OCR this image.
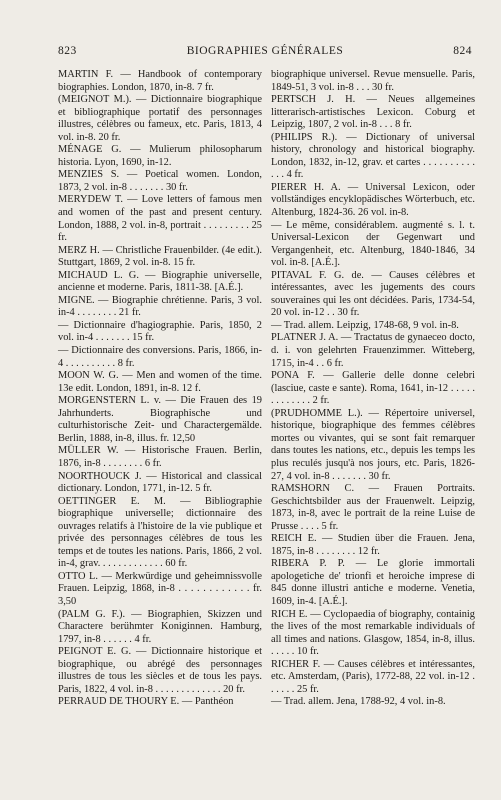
823	BIOGRAPHIES GÉNÉRALES	824

MARTIN F. — Handbook of contemporary biographies. London, 1870, in-8. 7 fr.

(MEIGNOT M.). — Dictionnaire biographique et bibliographique portatif des personnages illustres, célèbres ou fameux, etc. Paris, 1813, 4 vol. in-8. 20 fr.

MÉNAGE G. — Mulierum philosopharum historia. Lyon, 1690, in-12.

MENZIES S. — Poetical women. London, 1873, 2 vol. in-8 . . . . . . . 30 fr.

MERYDEW T. — Love letters of famous men and women of the past and present century. London, 1888, 2 vol. in-8, portrait . . . . . . . . . 25 fr.

MERZ H. — Christliche Frauenbilder. (4e edit.). Stuttgart, 1869, 2 vol. in-8. 15 fr.

MICHAUD L. G. — Biographie universelle, ancienne et moderne. Paris, 1811-38. [A.É.].

MIGNE. — Biographie chrétienne. Paris, 3 vol. in-4 . . . . . . . . 21 fr.

— Dictionnaire d'hagiographie. Paris, 1850, 2 vol. in-4 . . . . . . . 15 fr.

— Dictionnaire des conversions. Paris, 1866, in-4 . . . . . . . . . . 8 fr.

MOON W. G. — Men and women of the time. 13e edit. London, 1891, in-8. 12 f.

MORGENSTERN L. v. — Die Frauen des 19 Jahrhunderts. Biographische und culturhistorische Zeit- und Charactergemälde. Berlin, 1888, in-8, illus. fr. 12,50

MÜLLER W. — Historische Frauen. Berlin, 1876, in-8 . . . . . . . . 6 fr.

NOORTHOUCK J. — Historical and classical dictionary. London, 1771, in-12. 5 fr.

OETTINGER E. M. — Bibliographie biographique universelle; dictionnaire des ouvrages relatifs à l'histoire de la vie publique et privée des personnages célèbres de tous les temps et de toutes les nations. Paris, 1866, 2 vol. in-4, grav. . . . . . . . . . . . . 60 fr.

OTTO L. — Merkwürdige und geheimnissvolle Frauen. Leipzig, 1868, in-8 . . . . . . . . . . . . fr. 3,50

(PALM G. F.). — Biographien, Skizzen und Charactere berühmter Koniginnen. Hamburg, 1797, in-8 . . . . . . 4 fr.

PEIGNOT E. G. — Dictionnaire historique et biographique, ou abrégé des personnages illustres de tous les siècles et de tous les pays. Paris, 1822, 4 vol. in-8 . . . . . . . . . . . . . 20 fr.

PERRAUD DE THOURY E. — Panthéon

biographique universel. Revue mensuelle. Paris, 1849-51, 3 vol. in-8 . . . 30 fr.

PERTSCH J. H. — Neues allgemeines litterarisch-artistisches Lexicon. Coburg et Leipzig, 1807, 2 vol. in-8 . . . 8 fr.

(PHILIPS R.). — Dictionary of universal history, chronology and historical biography. London, 1832, in-12, grav. et cartes . . . . . . . . . . . . . 4 fr.

PIERER H. A. — Universal Lexicon, oder vollständiges encyklopädisches Wörterbuch, etc. Altenburg, 1824-36. 26 vol. in-8.

— Le même, considérablem. augmenté s. l. t. Universal-Lexicon der Gegenwart und Vergangenheit, etc. Altenburg, 1840-1846, 34 vol. in-8. [A.É.].

PITAVAL F. G. de. — Causes célèbres et intéressantes, avec les jugements des cours souveraines qui les ont décidées. Paris, 1734-54, 20 vol. in-12 . . 30 fr.

— Trad. allem. Leipzig, 1748-68, 9 vol. in-8.

PLATNER J. A. — Tractatus de gynaeceo docto, d. i. von gelehrten Frauenzimmer. Witteberg, 1715, in-4 . . 6 fr.

PONA F. — Gallerie delle donne celebri (lasciue, caste e sante). Roma, 1641, in-12 . . . . . . . . . . . . . 2 fr.

(PRUDHOMME L.). — Répertoire universel, historique, biographique des femmes célèbres mortes ou vivantes, qui se sont fait remarquer dans toutes les nations, etc., depuis les temps les plus reculés jusqu'à nos jours, etc. Paris, 1826-27, 4 vol. in-8 . . . . . . . 30 fr.

RAMSHORN C. — Frauen Portraits. Geschichtsbilder aus der Frauenwelt. Leipzig, 1873, in-8, avec le portrait de la reine Luise de Prusse . . . . 5 fr.

REICH E. — Studien über die Frauen. Jena, 1875, in-8 . . . . . . . . 12 fr.

RIBERA P. P. — Le glorie immortali apologetiche de' trionfi et heroiche imprese di 845 donne illustri antiche e moderne. Venetia, 1609, in-4. [A.É.].

RICH E. — Cyclopaedia of biography, containig the lives of the most remarkable individuals of all times and nations. Glasgow, 1854, in-8, illus. . . . . . 10 fr.

RICHER F. — Causes célèbres et intéressantes, etc. Amsterdam, (Paris), 1772-88, 22 vol. in-12 . . . . . . 25 fr.

— Trad. allem. Jena, 1788-92, 4 vol. in-8.
